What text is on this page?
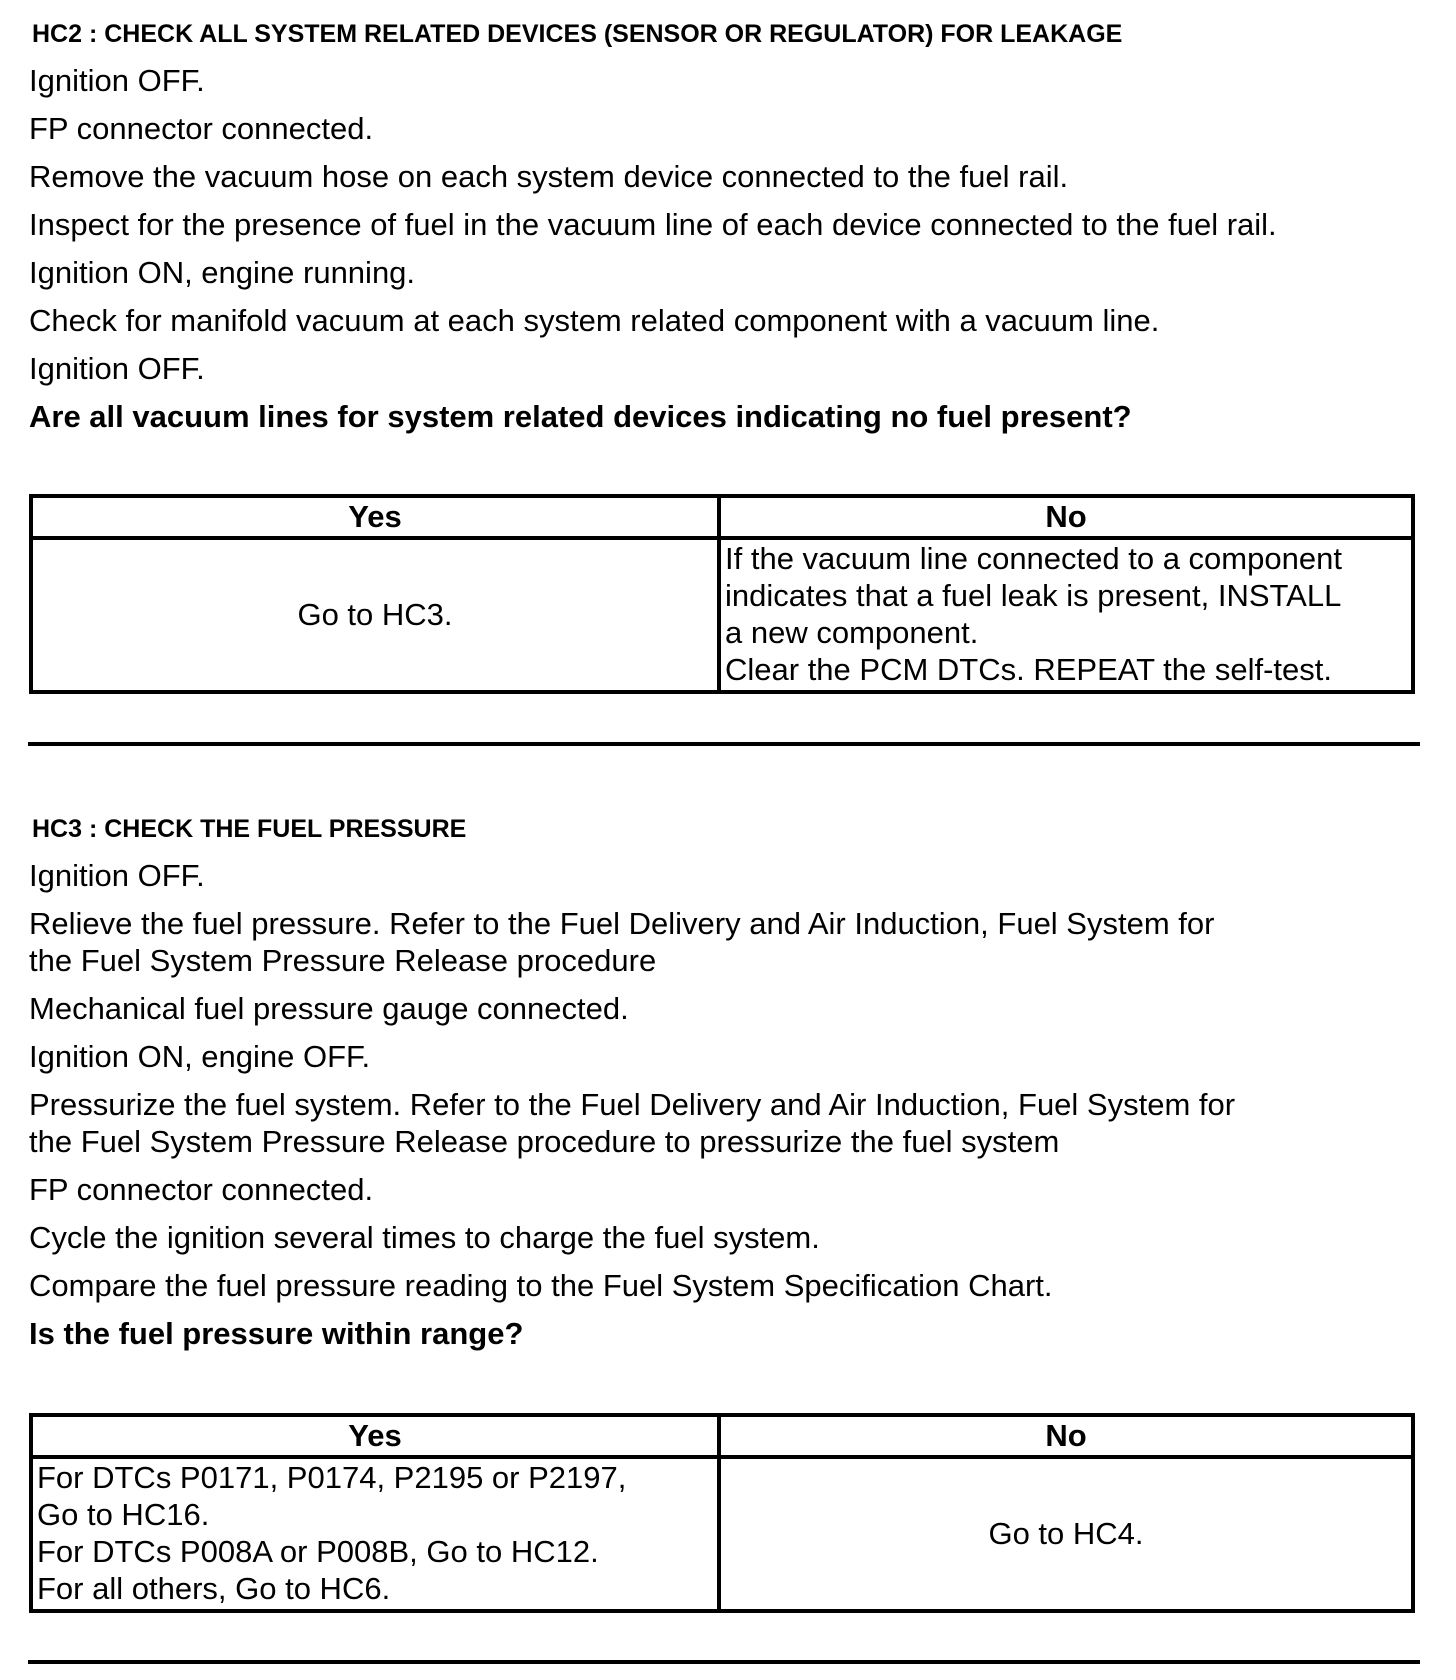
HC2 : CHECK ALL SYSTEM RELATED DEVICES (SENSOR OR REGULATOR) FOR LEAKAGE
Ignition OFF.
FP connector connected.
Remove the vacuum hose on each system device connected to the fuel rail.
Inspect for the presence of fuel in the vacuum line of each device connected to the fuel rail.
Ignition ON, engine running.
Check for manifold vacuum at each system related component with a vacuum line.
Ignition OFF.
Are all vacuum lines for system related devices indicating no fuel present?
Yes	No
Go to HC3.	If the vacuum line connected to a component
indicates that a fuel leak is present, INSTALL
a new component.
Clear the PCM DTCs. REPEAT the self-test.
HC3 : CHECK THE FUEL PRESSURE
Ignition OFF.
Relieve the fuel pressure. Refer to the Fuel Delivery and Air Induction, Fuel System for
the Fuel System Pressure Release procedure
Mechanical fuel pressure gauge connected.
Ignition ON, engine OFF.
Pressurize the fuel system. Refer to the Fuel Delivery and Air Induction, Fuel System for
the Fuel System Pressure Release procedure to pressurize the fuel system
FP connector connected.
Cycle the ignition several times to charge the fuel system.
Compare the fuel pressure reading to the Fuel System Specification Chart.
Is the fuel pressure within range?
Yes	No

For DTCs P0171, P0174, P2195 or P2197,
Go to HC16.
For DTCs P008A or P008B, Go to HC12.
For all others, Go to HC6.	Go to HC4.
